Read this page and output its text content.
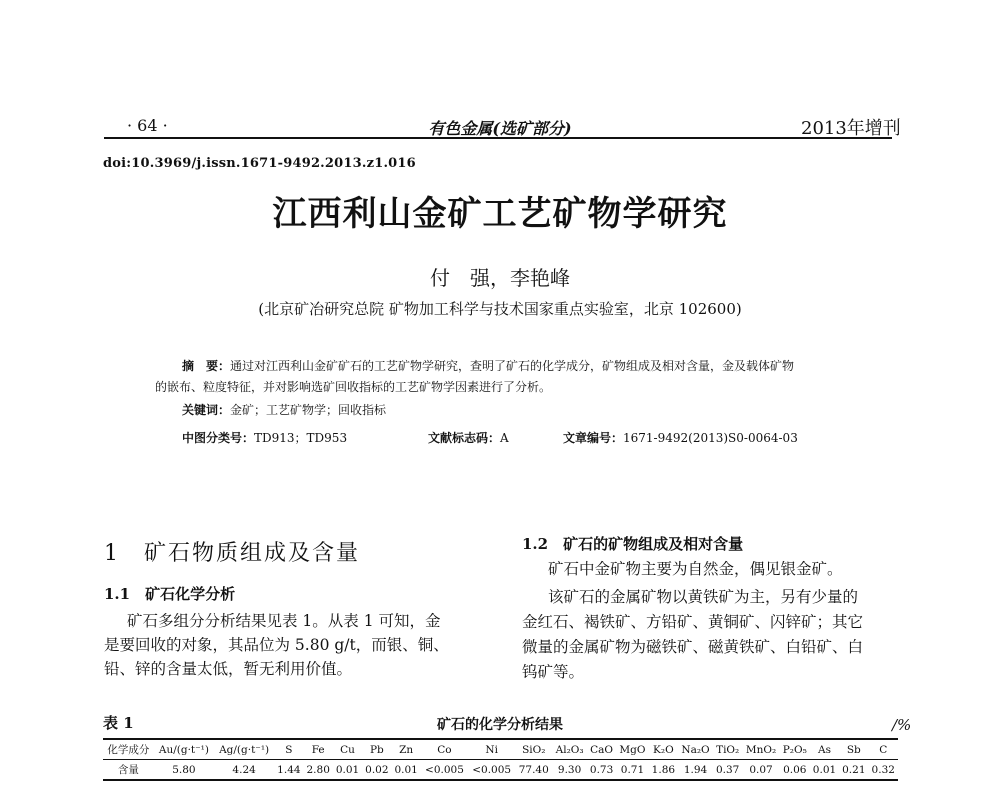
· 64 ·	有色金属(选矿部分)	2013年增刊
doi:10.3969/j.issn.1671-9492.2013.z1.016
江西利山金矿工艺矿物学研究
付　强，李艳峰
(北京矿冶研究总院 矿物加工科学与技术国家重点实验室，北京 102600)
摘　要：通过对江西利山金矿矿石的工艺矿物学研究，查明了矿石的化学成分，矿物组成及相对含量，金及载体矿物
的嵌布、粒度特征，并对影响选矿回收指标的工艺矿物学因素进行了分析。
关键词：金矿；工艺矿物学；回收指标
中图分类号：TD913；TD953	文献标志码：A	文章编号：1671-9492(2013)S0-0064-03
1　矿石物质组成及含量
1.1　矿石化学分析
矿石多组分分析结果见表 1。从表 1 可知，金
是要回收的对象，其品位为 5.80 g/t，而银、铜、
铅、锌的含量太低，暂无利用价值。
1.2　矿石的矿物组成及相对含量
矿石中金矿物主要为自然金，偶见银金矿。
该矿石的金属矿物以黄铁矿为主，另有少量的
金红石、褐铁矿、方铅矿、黄铜矿、闪锌矿；其它
微量的金属矿物为磁铁矿、磁黄铁矿、白铅矿、白
钨矿等。
表 1	矿石的化学分析结果	/%
化学成分	Au/(g·t⁻¹)	Ag/(g·t⁻¹)	S	Fe	Cu	Pb	Zn	Co	Ni	SiO₂	Al₂O₃	CaO	MgO	K₂O	Na₂O	TiO₂	MnO₂	P₂O₅	As	Sb	C
含量	5.80	4.24	1.44	2.80	0.01	0.02	0.01	<0.005	<0.005	77.40	9.30	0.73	0.71	1.86	1.94	0.37	0.07	0.06	0.01	0.21	0.32
